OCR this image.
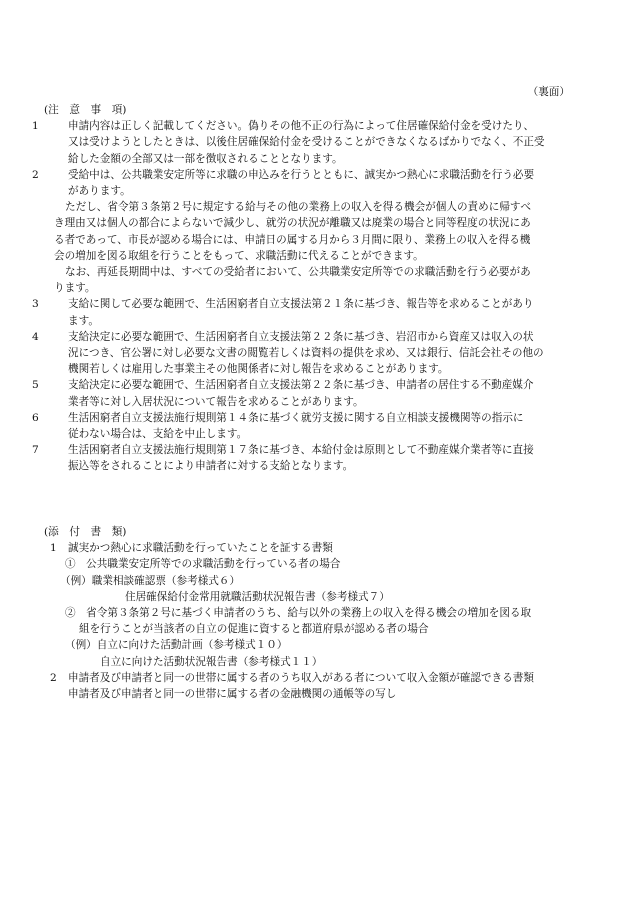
（裏面）
(注　意　事　項)

1	申請内容は正しく記載してください。偽りその他不正の行為によって住居確保給付金を受けたり、
又は受けようとしたときは、以後住居確保給付金を受けることができなくなるばかりでなく、不正受
給した金額の全部又は一部を徴収されることとなります。

2	受給中は、公共職業安定所等に求職の申込みを行うとともに、誠実かつ熱心に求職活動を行う必要
があります。

ただし、省令第３条第２号に規定する給与その他の業務上の収入を得る機会が個人の責めに帰すべ
き理由又は個人の都合によらないで減少し、就労の状況が離職又は廃業の場合と同等程度の状況にあ
る者であって、市長が認める場合には、申請日の属する月から３月間に限り、業務上の収入を得る機
会の増加を図る取組を行うことをもって、求職活動に代えることができます。

なお、再延長期間中は、すべての受給者において、公共職業安定所等での求職活動を行う必要があ
ります。

3	支給に関して必要な範囲で、生活困窮者自立支援法第２１条に基づき、報告等を求めることがあり
ます。

4	支給決定に必要な範囲で、生活困窮者自立支援法第２２条に基づき、岩沼市から資産又は収入の状
況につき、官公署に対し必要な文書の閲覧若しくは資料の提供を求め、又は銀行、信託会社その他の
機関若しくは雇用した事業主その他関係者に対し報告を求めることがあります。

5	支給決定に必要な範囲で、生活困窮者自立支援法第２２条に基づき、申請者の居住する不動産媒介
業者等に対し入居状況について報告を求めることがあります。

6	生活困窮者自立支援法施行規則第１４条に基づく就労支援に関する自立相談支援機関等の指示に
従わない場合は、支給を中止します。

7	生活困窮者自立支援法施行規則第１７条に基づき、本給付金は原則として不動産媒介業者等に直接
振込等をされることにより申請者に対する支給となります。

(添　付　書　類)

1 誠実かつ熱心に求職活動を行っていたことを証する書類

①　公共職業安定所等での求職活動を行っている者の場合

（例）職業相談確認票（参考様式６）

住居確保給付金常用就職活動状況報告書（参考様式７）

②　省令第３条第２号に基づく申請者のうち、給与以外の業務上の収入を得る機会の増加を図る取

組を行うことが当該者の自立の促進に資すると都道府県が認める者の場合

（例）自立に向けた活動計画（参考様式１０）

自立に向けた活動状況報告書（参考様式１１）

2 申請者及び申請者と同一の世帯に属する者のうち収入がある者について収入金額が確認できる書類

申請者及び申請者と同一の世帯に属する者の金融機関の通帳等の写し
